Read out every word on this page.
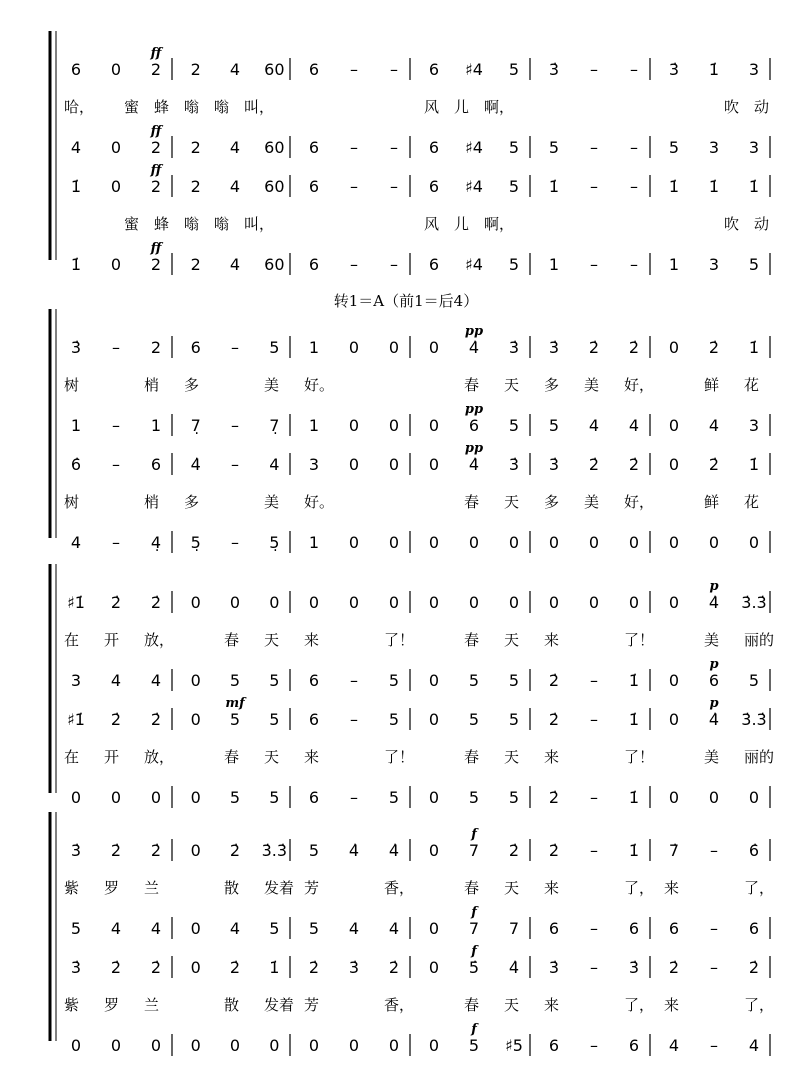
转1＝A（前1＝后4）
6 0 2 2 4 60 6 – – 6 ♯4 5 3̇ – – 3̇ 1̇ 3
ff
哈， 蜜 蜂 嗡 嗡 叫，	风 儿 啊，	吹 动
4 0 2 2 4 60 6 – – 6 ♯4 5 5 – – 5 3 3
ff
1̇ 0 2 2 4 60 6 – – 6 ♯4 5 1̇ – – 1̇ 1̇ 1̇
ff
蜜 蜂 嗡 嗡 叫，	风 儿 啊，	吹 动
1̇ 0 2 2 4 60 6 – – 6 ♯4 5 1 – – 1 3 5
ff
3̇ – 2 6 – 5 1 0 0 0 4̇ 3̇ 3̇ 2̇ 2̇ 0 2̇ 1̇
pp
树	梢 多	美 好。	春 天 多 美 好，	鲜 花
1 – 1 7̣ – 7̣ 1 0 0 0 6 5 5 4 4 0 4 3
pp
6̇ – 6 4̇ – 4 3 0 0 0 4̇ 3̇ 3̇ 2̇ 2̇ 0 2̇ 1̇
pp
树	梢 多	美 好。	春 天 多 美 好，	鲜 花
4 – 4̣ 5̣ – 5̣ 1 0 0 0 0 0 0 0 0 0 0 0
♯1̇ 2̇ 2̇ 0 0 0 0 0 0 0 0 0 0 0 0 0 4̇ 3̇.3̇
p
在 开 放，	春 天 来	了！	春 天 来	了！	美 丽的
3 4 4 0 5 5 6 – 5 0 5 5 2̇ – 1̇ 0 6 5
p
♯1̇ 2̇ 2̇ 0 5 5 6 – 5 0 5 5 2̇ – 1̇ 0 4̇ 3̇.3̇
mf	p
在 开 放，	春 天 来	了！	春 天 来	了！	美 丽的
0 0 0 0 5 5 6 – 5 0 5 5 2̇ – 1̇ 0 0 0
3̇ 2̇ 2̇ 0 2̇ 3̇.3̇ 5 4̇ 4̇ 0 7 2̇ 2̇ – 1̇ 7̇ – 6̇
f
紫 罗 兰	散 发着 芳	香，	春 天 来	了， 来	了，
5 4 4 0 4 5 5 4 4 0 7 7 6 – 6 6 – 6
f
3̇ 2̇ 2̇ 0 2̇ 1̇ 2̇ 3̇ 2̇ 0 5̇ 4̇ 3̇ – 3̇ 2̇ – 2̇
f
紫 罗 兰	散 发着 芳	香，	春 天 来	了， 来	了，
0 0 0 0 0 0 0 0 0 0 5 ♯5 6 – 6 4 – 4
f
